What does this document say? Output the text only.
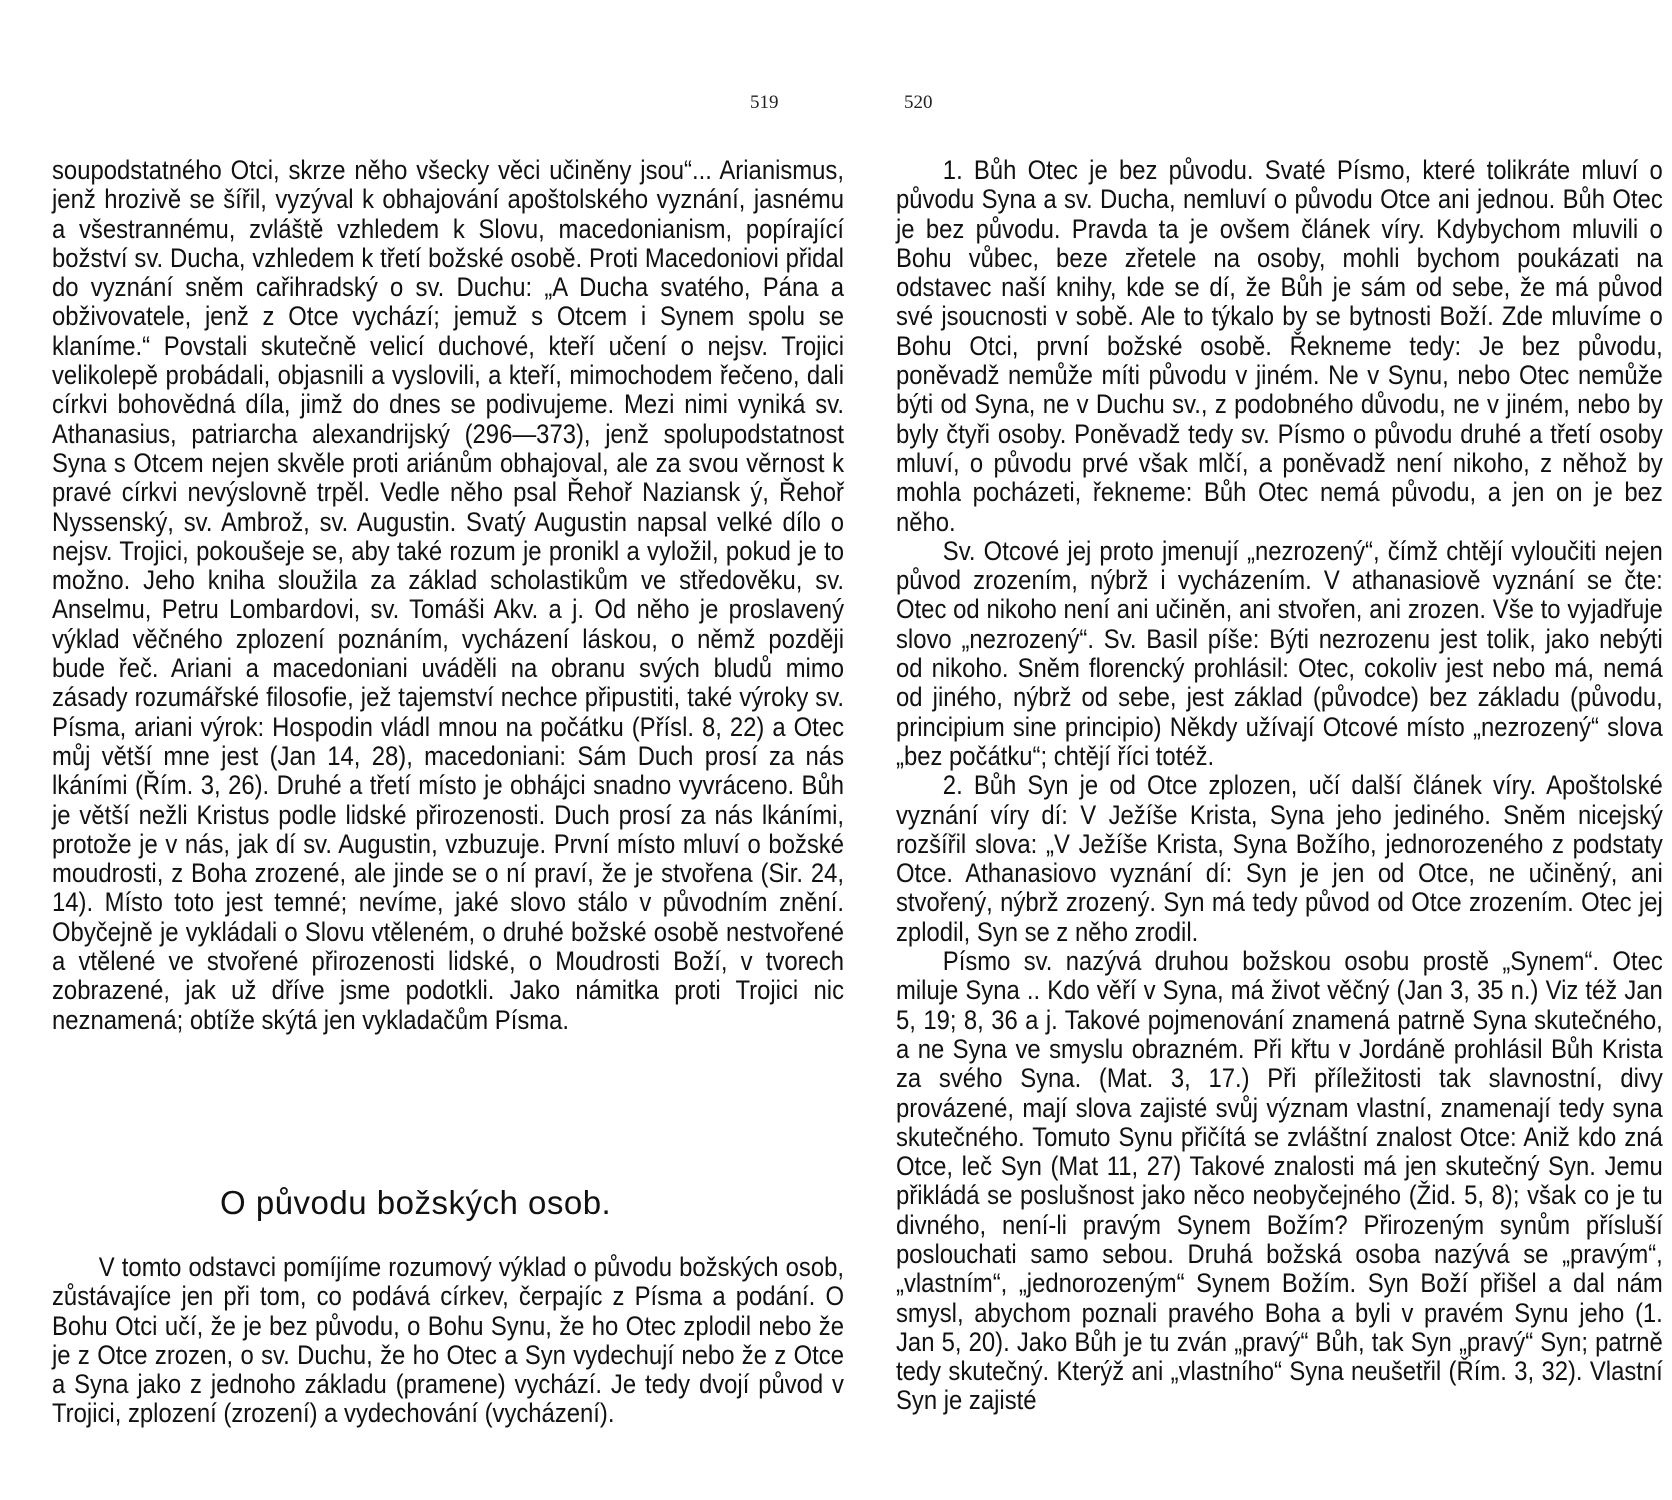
519

soupodstatného Otci, skrze něho všecky věci učiněny jsou“... Arianismus, jenž hrozivě se šířil, vyzýval k obhajování apoštolského vyznání, jasnému a všestrannému, zvláště vzhledem k Slovu, macedonianism, popírající božství sv. Ducha, vzhledem k třetí božské osobě. Proti Macedoniovi přidal do vyznání sněm cařihradský o sv. Duchu: „A Ducha svatého, Pána a obživovatele, jenž z Otce vychází; jemuž s Otcem i Synem spolu se klaníme.“ Povstali skutečně velicí duchové, kteří učení o nejsv. Trojici velikolepě probádali, objasnili a vyslovili, a kteří, mimochodem řečeno, dali církvi bohovědná díla, jimž do dnes se podivujeme. Mezi nimi vyniká sv. Athanasius, patriarcha alexandrijský (296—373), jenž spolupodstatnost Syna s Otcem nejen skvěle proti ariánům obhajoval, ale za svou věrnost k pravé církvi nevýslovně trpěl. Vedle něho psal Řehoř Naziansk ý, Řehoř Nyssenský, sv. Ambrož, sv. Augustin. Svatý Augustin napsal velké dílo o nejsv. Trojici, pokoušeje se, aby také rozum je pronikl a vyložil, pokud je to možno. Jeho kniha sloužila za základ scholastikům ve středověku, sv. Anselmu, Petru Lombardovi, sv. Tomáši Akv. a j. Od něho je proslavený výklad věčného zplození poznáním, vycházení láskou, o němž později bude řeč. Ariani a macedoniani uváděli na obranu svých bludů mimo zásady rozumářské filosofie, jež tajemství nechce připustiti, také výroky sv. Písma, ariani výrok: Hospodin vládl mnou na počátku (Přísl. 8, 22) a Otec můj větší mne jest (Jan 14, 28), macedoniani: Sám Duch prosí za nás lkáními (Řím. 3, 26). Druhé a třetí místo je obhájci snadno vyvráceno. Bůh je větší nežli Kristus podle lidské přirozenosti. Duch prosí za nás lkáními, protože je v nás, jak dí sv. Augustin, vzbuzuje. První místo mluví o božské moudrosti, z Boha zrozené, ale jinde se o ní praví, že je stvořena (Sir. 24, 14). Místo toto jest temné; nevíme, jaké slovo stálo v původním znění. Obyčejně je vykládali o Slovu vtěleném, o druhé božské osobě nestvořené a vtělené ve stvořené přirozenosti lidské, o Moudrosti Boží, v tvorech zobrazené, jak už dříve jsme podotkli. Jako námitka proti Trojici nic neznamená; obtíže skýtá jen vykladačům Písma.

O původu božských osob.

V tomto odstavci pomíjíme rozumový výklad o původu božských osob, zůstávajíce jen při tom, co podává církev, čerpajíc z Písma a podání. O Bohu Otci učí, že je bez původu, o Bohu Synu, že ho Otec zplodil nebo že je z Otce zrozen, o sv. Duchu, že ho Otec a Syn vydechují nebo že z Otce a Syna jako z jednoho základu (pramene) vychází. Je tedy dvojí původ v Trojici, zplození (zrození) a vydechování (vycházení).

520

1. Bůh Otec je bez původu. Svaté Písmo, které tolikráte mluví o původu Syna a sv. Ducha, nemluví o původu Otce ani jednou. Bůh Otec je bez původu. Pravda ta je ovšem článek víry. Kdybychom mluvili o Bohu vůbec, beze zřetele na osoby, mohli bychom poukázati na odstavec naší knihy, kde se dí, že Bůh je sám od sebe, že má původ své jsoucnosti v sobě. Ale to týkalo by se bytnosti Boží. Zde mluvíme o Bohu Otci, první božské osobě. Řekneme tedy: Je bez původu, poněvadž nemůže míti původu v jiném. Ne v Synu, nebo Otec nemůže býti od Syna, ne v Duchu sv., z podobného důvodu, ne v jiném, nebo by byly čtyři osoby. Poněvadž tedy sv. Písmo o původu druhé a třetí osoby mluví, o původu prvé však mlčí, a poněvadž není nikoho, z něhož by mohla pocházeti, řekneme: Bůh Otec nemá původu, a jen on je bez něho.

Sv. Otcové jej proto jmenují „nezrozený“, čímž chtějí vyloučiti nejen původ zrozením, nýbrž i vycházením. V athanasiově vyznání se čte: Otec od nikoho není ani učiněn, ani stvořen, ani zrozen. Vše to vyjadřuje slovo „nezrozený“. Sv. Basil píše: Býti nezrozenu jest tolik, jako nebýti od nikoho. Sněm florencký prohlásil: Otec, cokoliv jest nebo má, nemá od jiného, nýbrž od sebe, jest základ (původce) bez základu (původu, principium sine principio) Někdy užívají Otcové místo „nezrozený“ slova „bez počátku“; chtějí říci totéž.

2. Bůh Syn je od Otce zplozen, učí další článek víry. Apoštolské vyznání víry dí: V Ježíše Krista, Syna jeho jediného. Sněm nicejský rozšířil slova: „V Ježíše Krista, Syna Božího, jednorozeného z podstaty Otce. Athanasiovo vyznání dí: Syn je jen od Otce, ne učiněný, ani stvořený, nýbrž zrozený. Syn má tedy původ od Otce zrozením. Otec jej zplodil, Syn se z něho zrodil.

Písmo sv. nazývá druhou božskou osobu prostě „Synem“. Otec miluje Syna .. Kdo věří v Syna, má život věčný (Jan 3, 35 n.) Viz též Jan 5, 19; 8, 36 a j. Takové pojmenování znamená patrně Syna skutečného, a ne Syna ve smyslu obrazném. Při křtu v Jordáně prohlásil Bůh Krista za svého Syna. (Mat. 3, 17.) Při příležitosti tak slavnostní, divy provázené, mají slova zajisté svůj význam vlastní, znamenají tedy syna skutečného. Tomuto Synu přičítá se zvláštní znalost Otce: Aniž kdo zná Otce, leč Syn (Mat 11, 27) Takové znalosti má jen skutečný Syn. Jemu přikládá se poslušnost jako něco neobyčejného (Žid. 5, 8); však co je tu divného, není-li pravým Synem Božím? Přirozeným synům přísluší poslouchati samo sebou. Druhá božská osoba nazývá se „pravým“, „vlastním“, „jednorozeným“ Synem Božím. Syn Boží přišel a dal nám smysl, abychom poznali pravého Boha a byli v pravém Synu jeho (1. Jan 5, 20). Jako Bůh je tu zván „pravý“ Bůh, tak Syn „pravý“ Syn; patrně tedy skutečný. Kterýž ani „vlastního“ Syna neušetřil (Řím. 3, 32). Vlastní Syn je zajisté
